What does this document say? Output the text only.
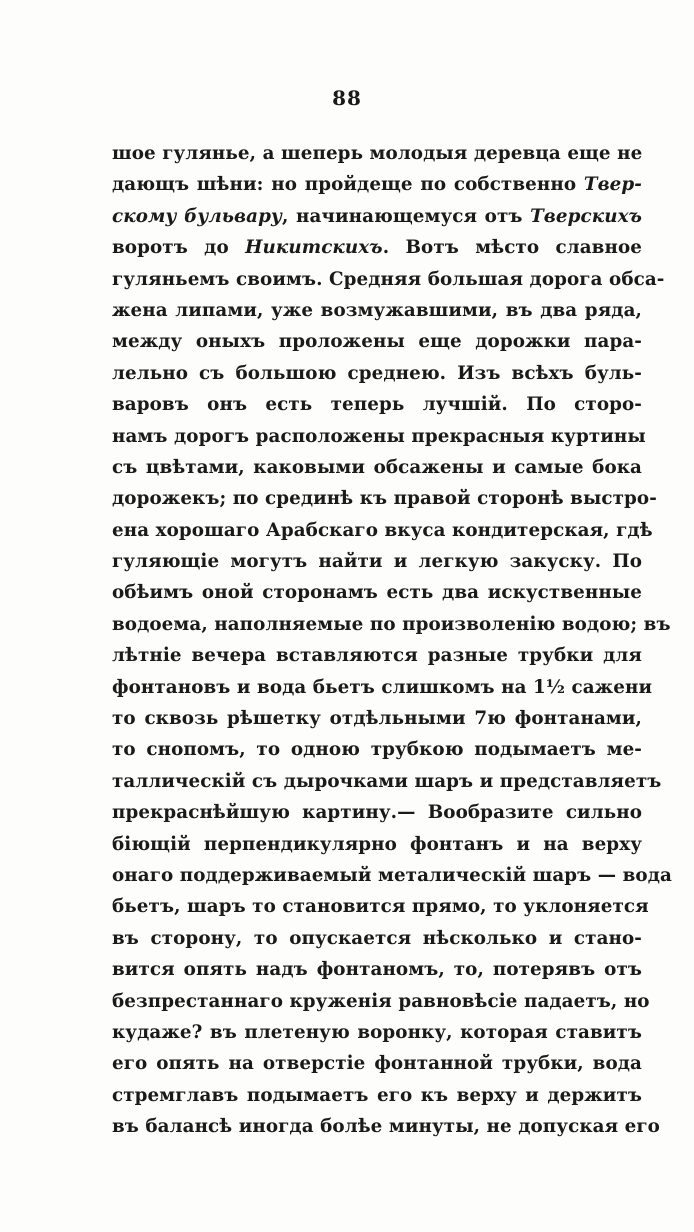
88
шое гулянье, а шеперь молодыя деревца еще не
дающъ шѣни: но пройдеще по собственно Твер-
скому бульвару, начинающемуся отъ Тверскихъ
воротъ до Никитскихъ. Вотъ мѣсто славное
гуляньемъ своимъ. Средняя большая дорога обса-
жена липами, уже возмужавшими, въ два ряда,
между оныхъ проложены еще дорожки пара-
лельно съ большою среднею. Изъ всѣхъ буль-
варовъ онъ есть теперь лучшій. По сторо-
намъ дорогъ расположены прекрасныя куртины
съ цвѣтами, каковыми обсажены и самые бока
дорожекъ; по срединѣ къ правой сторонѣ выстро-
ена хорошаго Арабскаго вкуса кондитерская, гдѣ
гуляющіе могутъ найти и легкую закуску. По
обѣимъ оной сторонамъ есть два искуственные
водоема, наполняемые по произволенію водою; въ
лѣтніе вечера вставляются разные трубки для
фонтановъ и вода бьетъ слишкомъ на 1½ сажени
то сквозь рѣшетку отдѣльными 7ю фонтанами,
то снопомъ, то одною трубкою подымаетъ ме-
таллическій съ дырочками шаръ и представляетъ
прекраснѣйшую картину.— Вообразите сильно
біющій перпендикулярно фонтанъ и на верху
онаго поддерживаемый металическій шаръ — вода
бьетъ, шаръ то становится прямо, то уклоняется
въ сторону, то опускается нѣсколько и стано-
вится опять надъ фонтаномъ, то, потерявъ отъ
безпрестаннаго круженія равновѣсіе падаетъ, но
кудаже? въ плетеную воронку, которая ставитъ
его опять на отверстіе фонтанной трубки, вода
стремглавъ подымаетъ его къ верху и держитъ
въ балансѣ иногда болѣе минуты, не допуская его
